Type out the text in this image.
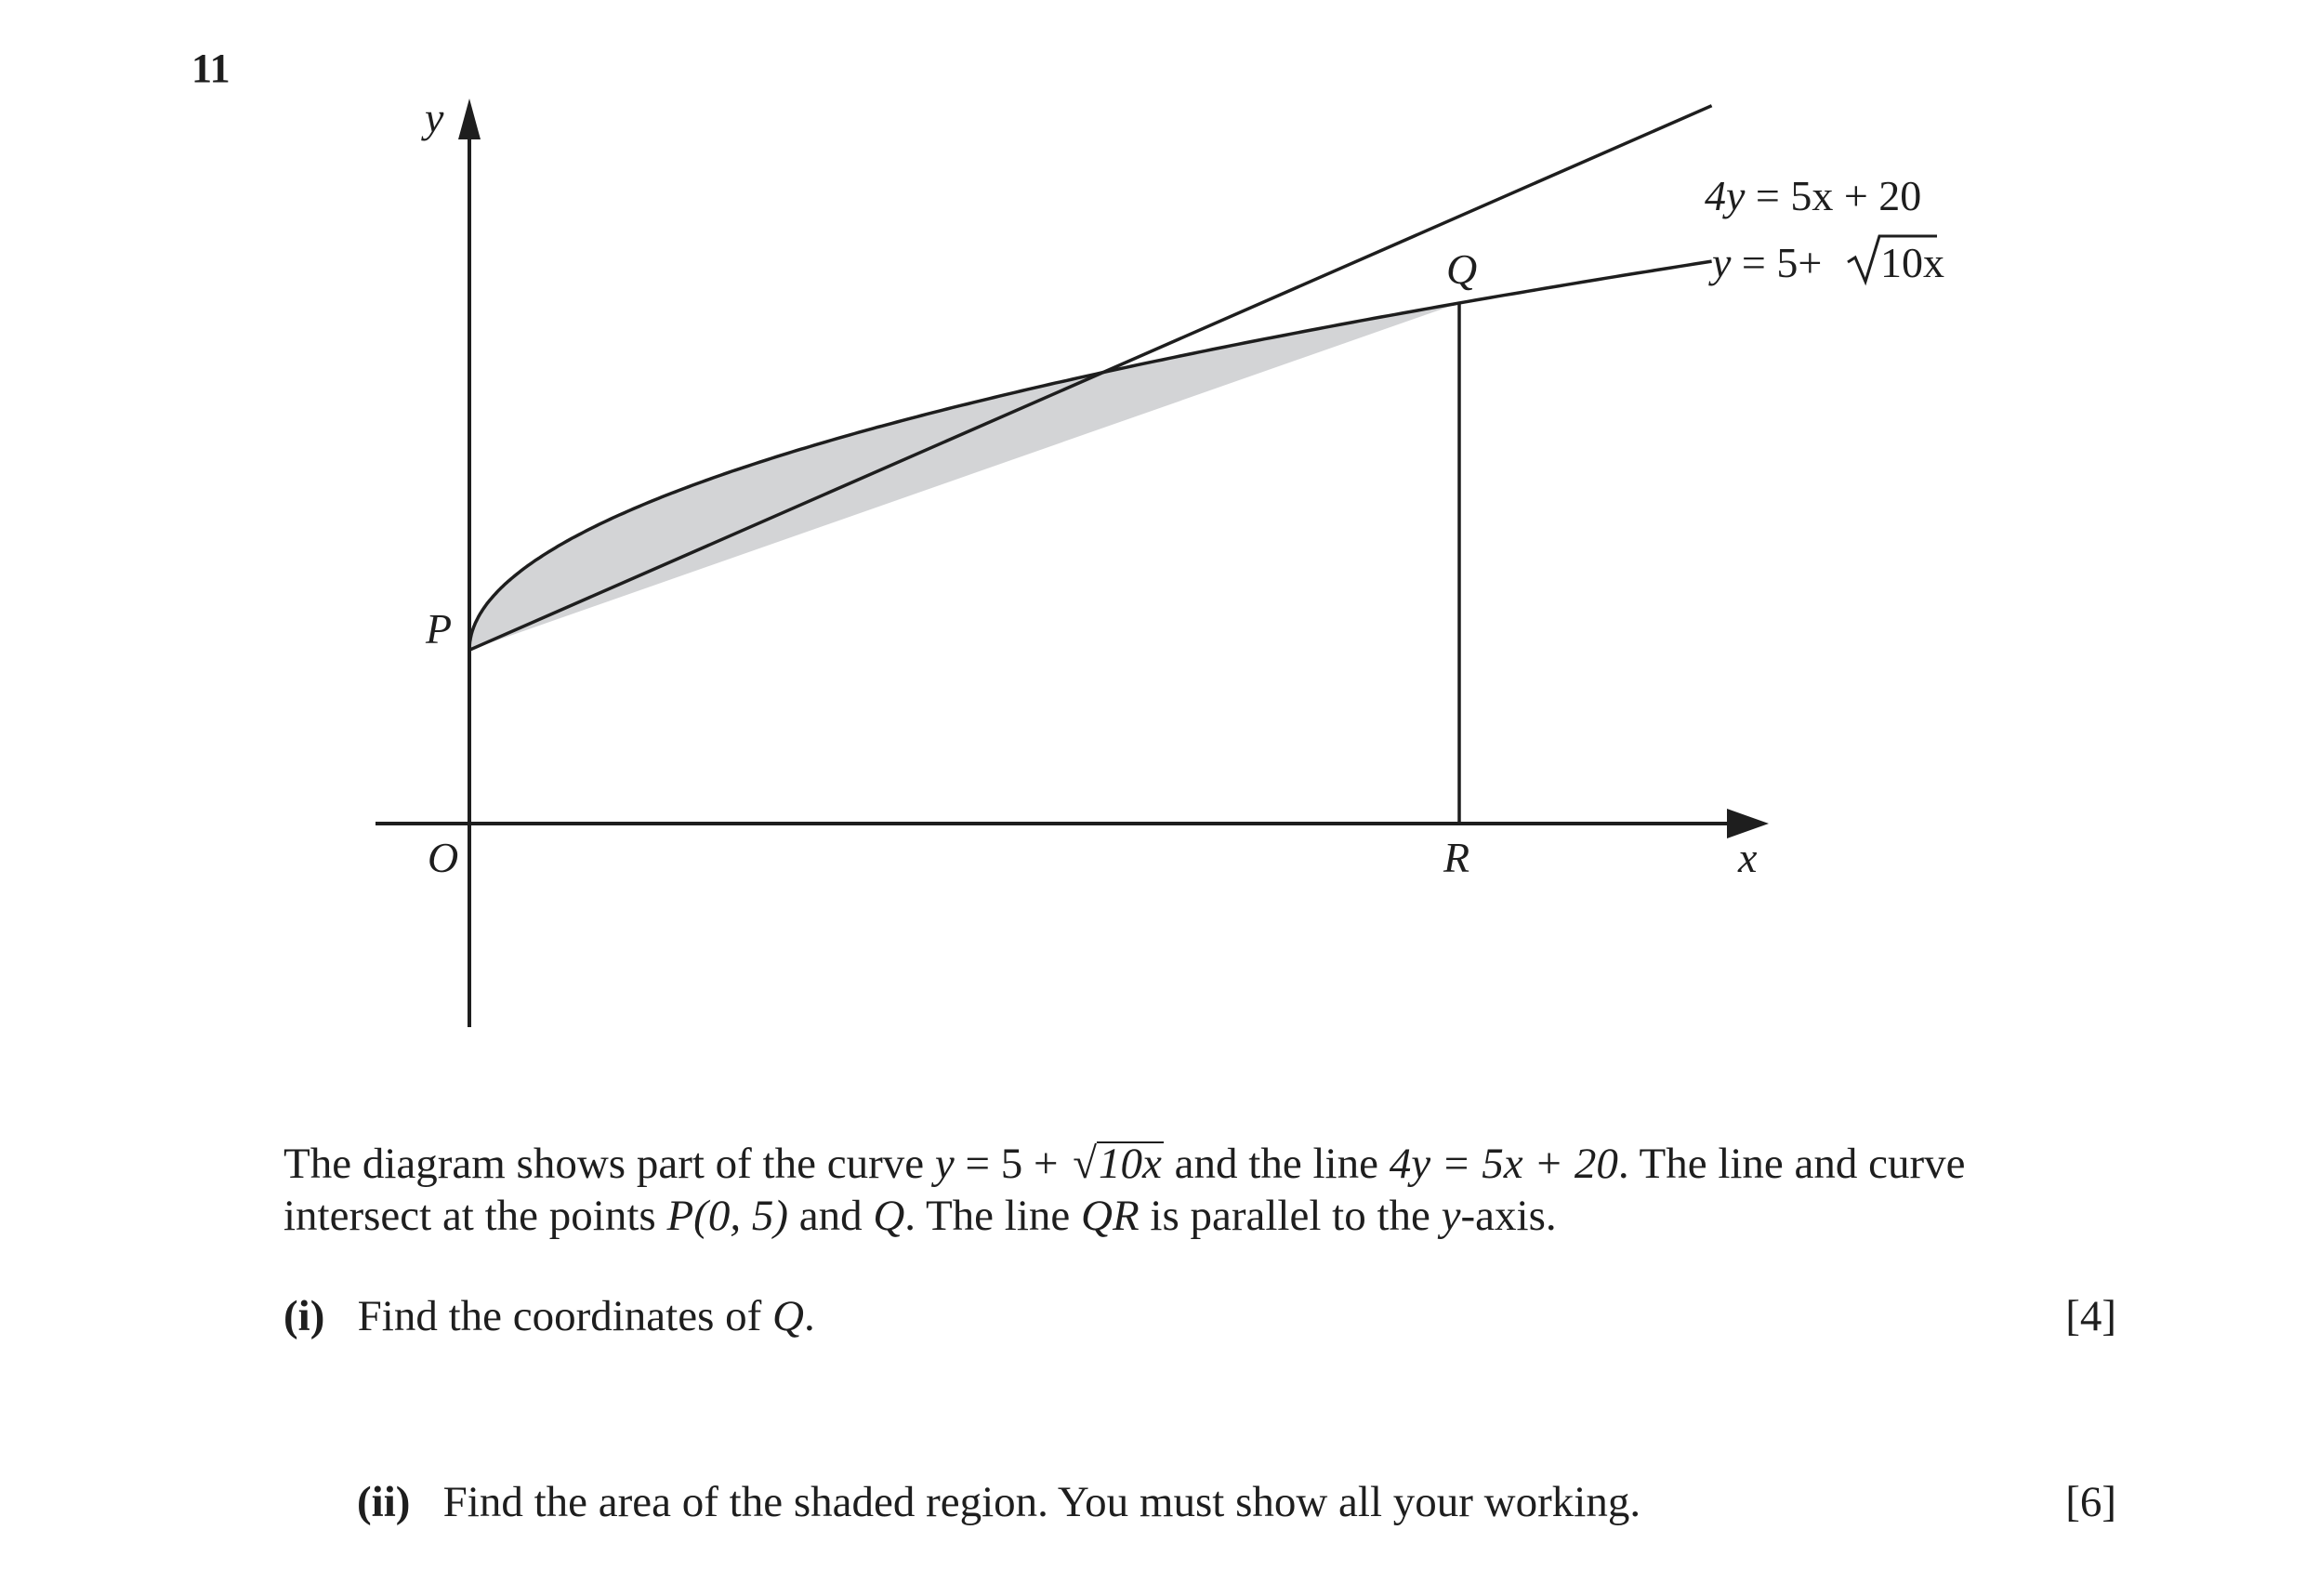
11
y
x
O
P
Q
R
4y = 5x + 20
y = 5+ 10x
The diagram shows part of the curve y = 5 + √10x and the line 4y = 5x + 20. The line and curve
intersect at the points P(0, 5) and Q. The line QR is parallel to the y-axis.
(i) Find the coordinates of Q.	[4]
(ii) Find the area of the shaded region. You must show all your working.	[6]
